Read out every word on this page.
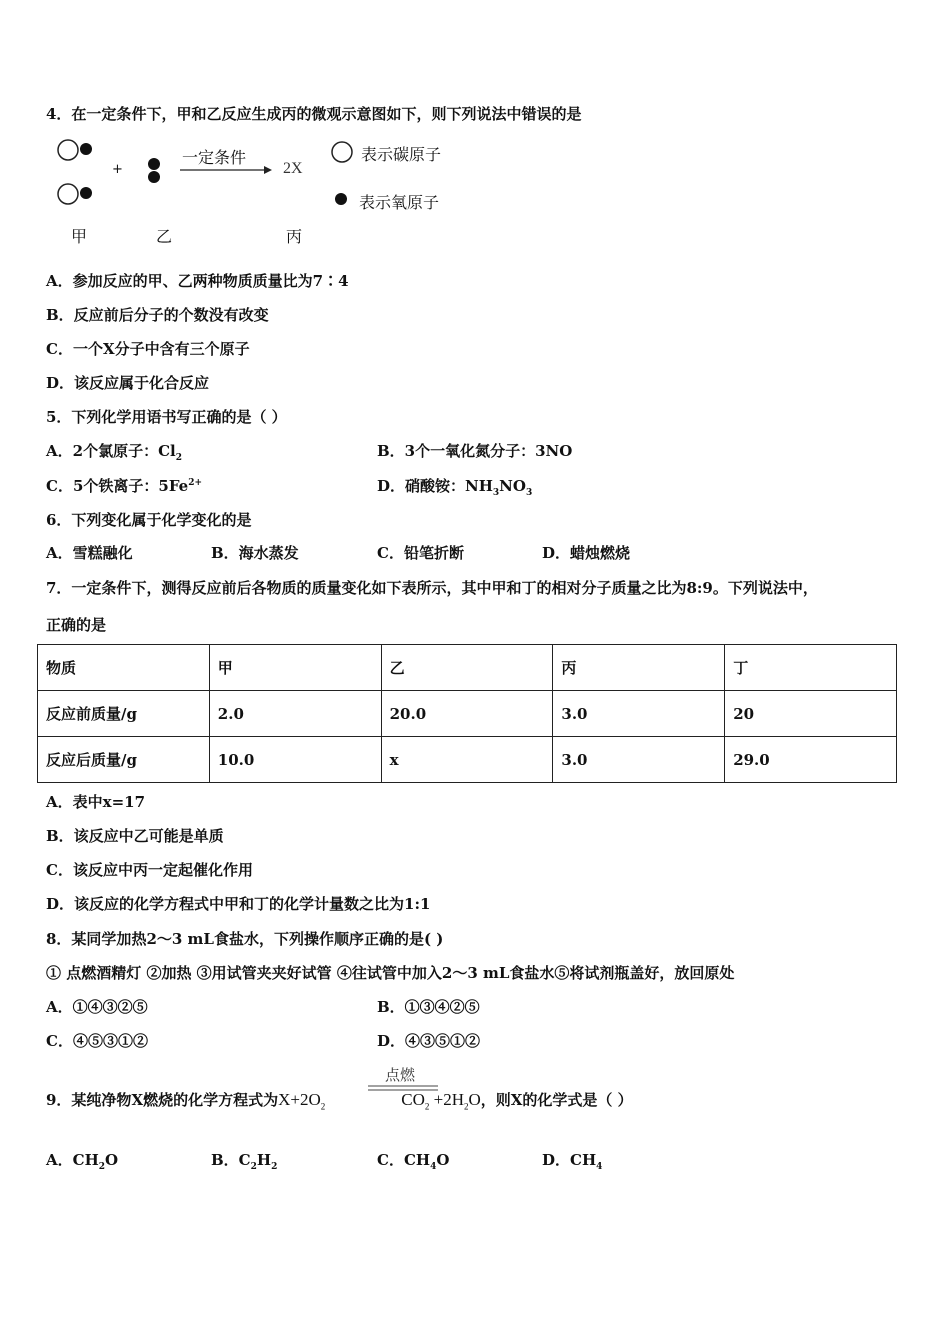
4．在一定条件下，甲和乙反应生成丙的微观示意图如下，则下列说法中错误的是
+
一定条件
2X
表示碳原子
表示氧原子
甲	乙	丙
A．参加反应的甲、乙两种物质质量比为7∶4
B．反应前后分子的个数没有改变
C．一个X分子中含有三个原子
D．该反应属于化合反应
5．下列化学用语书写正确的是（ ）
A．2个氯原子：$Cl_2$	B．3个一氧化氮分子：3NO
C．5个铁离子：$5Fe^{2+}$	D．硝酸铵：$NH_3NO_3$
6．下列变化属于化学变化的是
A．雪糕融化	B．海水蒸发	C．铅笔折断	D．蜡烛燃烧
7．一定条件下，测得反应前后各物质的质量变化如下表所示，其中甲和丁的相对分子质量之比为8:9。下列说法中，
正确的是
物质	甲	乙	丙	丁
反应前质量/g	2.0	20.0	3.0	20
反应后质量/g	10.0	x	3.0	29.0
A．表中x=17
B．该反应中乙可能是单质
C．该反应中丙一定起催化作用
D．该反应的化学方程式中甲和丁的化学计量数之比为1:1
8．某同学加热2～3 mL食盐水，下列操作顺序正确的是( )
① 点燃酒精灯 ②加热 ③用试管夹夹好试管 ④往试管中加入2～3 mL食盐水⑤将试剂瓶盖好，放回原处
A．①④③②⑤	B．①③④②⑤
C．④⑤③①②	D．④③⑤①②
点燃
9．某纯净物X燃烧的化学方程式为$X+2O_2$	$CO_2 +2H_2O$，则X的化学式是（ ）
A．$CH_2O$	B．$C_2H_2$	C．$CH_4O$	D．$CH_4$
